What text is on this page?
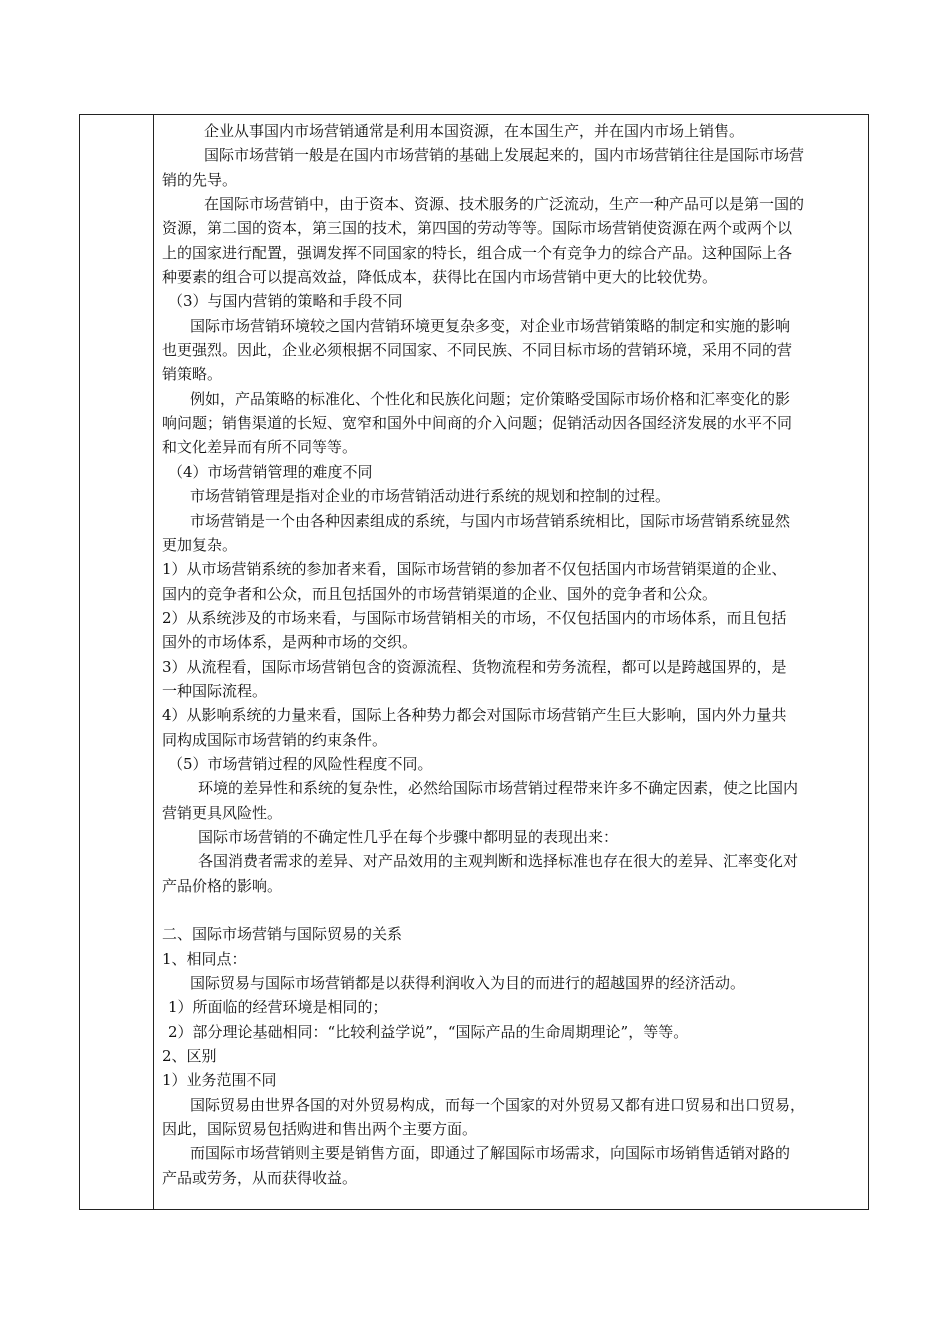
企业从事国内市场营销通常是利用本国资源，在本国生产，并在国内市场上销售。
国际市场营销一般是在国内市场营销的基础上发展起来的，国内市场营销往往是国际市场营
销的先导。
在国际市场营销中，由于资本、资源、技术服务的广泛流动，生产一种产品可以是第一国的
资源，第二国的资本，第三国的技术，第四国的劳动等等。国际市场营销使资源在两个或两个以
上的国家进行配置，强调发挥不同国家的特长，组合成一个有竞争力的综合产品。这种国际上各
种要素的组合可以提高效益，降低成本，获得比在国内市场营销中更大的比较优势。
（3）与国内营销的策略和手段不同
国际市场营销环境较之国内营销环境更复杂多变，对企业市场营销策略的制定和实施的影响
也更强烈。因此，企业必须根据不同国家、不同民族、不同目标市场的营销环境，采用不同的营
销策略。
例如，产品策略的标准化、个性化和民族化问题；定价策略受国际市场价格和汇率变化的影
响问题；销售渠道的长短、宽窄和国外中间商的介入问题；促销活动因各国经济发展的水平不同
和文化差异而有所不同等等。
（4）市场营销管理的难度不同
市场营销管理是指对企业的市场营销活动进行系统的规划和控制的过程。
市场营销是一个由各种因素组成的系统，与国内市场营销系统相比，国际市场营销系统显然
更加复杂。
1）从市场营销系统的参加者来看，国际市场营销的参加者不仅包括国内市场营销渠道的企业、
国内的竞争者和公众，而且包括国外的市场营销渠道的企业、国外的竞争者和公众。
2）从系统涉及的市场来看，与国际市场营销相关的市场，不仅包括国内的市场体系，而且包括
国外的市场体系，是两种市场的交织。
3）从流程看，国际市场营销包含的资源流程、货物流程和劳务流程，都可以是跨越国界的，是
一种国际流程。
4）从影响系统的力量来看，国际上各种势力都会对国际市场营销产生巨大影响，国内外力量共
同构成国际市场营销的约束条件。
（5）市场营销过程的风险性程度不同。
环境的差异性和系统的复杂性，必然给国际市场营销过程带来许多不确定因素，使之比国内
营销更具风险性。
国际市场营销的不确定性几乎在每个步骤中都明显的表现出来：
各国消费者需求的差异、对产品效用的主观判断和选择标准也存在很大的差异、汇率变化对
产品价格的影响。
二、国际市场营销与国际贸易的关系
1、相同点：
国际贸易与国际市场营销都是以获得利润收入为目的而进行的超越国界的经济活动。
1）所面临的经营环境是相同的；
2）部分理论基础相同：“比较利益学说”，“国际产品的生命周期理论”，等等。
2、区别
1）业务范围不同
国际贸易由世界各国的对外贸易构成，而每一个国家的对外贸易又都有进口贸易和出口贸易，
因此，国际贸易包括购进和售出两个主要方面。
而国际市场营销则主要是销售方面，即通过了解国际市场需求，向国际市场销售适销对路的
产品或劳务，从而获得收益。
